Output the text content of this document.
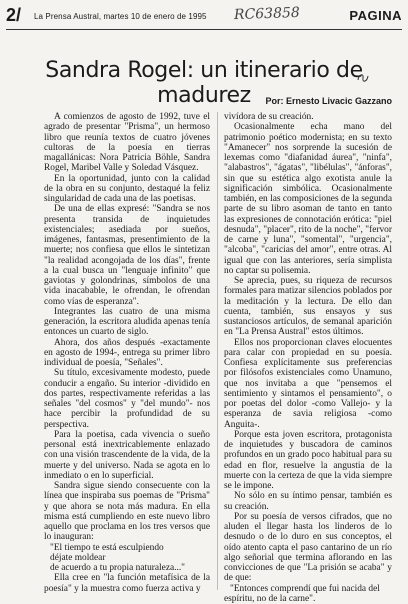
2/ La Prensa Austral, martes 10 de enero de 1995 RC63858	PAGINA
Sandra Rogel: un itinerario de madurez	Por: Ernesto Livacic Gazzano

A comienzos de agosto de 1992, tuve el agrado de presentar "Prisma", un hermoso libro que reunía textos de cuatro jóvenes cultoras de la poesía en tierras magallánicas: Nora Patricia Böhle, Sandra Rogel, Maribel Valle y Soledad Vásquez.

En la oportunidad, junto con la calidad de la obra en su conjunto, destaqué la feliz singularidad de cada una de las poetisas.

De una de ellas expresé: "Sandra se nos presenta transida de inquietudes existenciales; asediada por sueños, imágenes, fantasmas, presentimiento de la muerte; nos confiesa que ellos le sintetizan "la realidad acongojada de los días", frente a la cual busca un "lenguaje infinito" que gaviotas y golondrinas, símbolos de una vida inacabable, le ofrendan, le ofrendan como vías de esperanza".

Integrantes las cuatro de una misma generación, la escritora aludida apenas tenía entonces un cuarto de siglo.

Ahora, dos años después -exactamente en agosto de 1994-, entrega su primer libro individual de poesía, "Señales".

Su título, excesivamente modesto, puede conducir a engaño. Su interior -dividido en dos partes, respectivamente referidas a las señales "del cosmos" y "del mundo"- nos hace percibir la profundidad de su perspectiva.

Para la poetisa, cada vivencia o sueño personal está inextricablemente enlazado con una visión trascendente de la vida, de la muerte y del universo. Nada se agota en lo inmediato o en lo superficial.

Sandra sigue siendo consecuente con la línea que inspiraba sus poemas de "Prisma" y que ahora se nota más madura. En ella misma está cumpliendo en este nuevo libro aquello que proclama en los tres versos que lo inauguran:

"El tiempo te está esculpiendo

déjate moldear

de acuerdo a tu propia naturaleza..."

Ella cree en "la función metafísica de la poesía" y la muestra como fuerza activa y

vivídora de su creación.

Ocasionalmente echa mano del patrimonio poético modernista; en su texto "Amanecer" nos sorprende la sucesión de lexemas como "diafanidad áurea", "ninfa", "alabastros", "ágatas", "libélulas", "ánforas", sin que su estética algo exotista anule la significación simbólica. Ocasionalmente también, en las composiciones de la segunda parte de su libro asoman de tanto en tanto las expresiones de connotación erótica: "piel desnuda", "placer", rito de la noche", "fervor de carne y luna", "somental", "urgencia", "alcoba", "caricias del amor", entre otras. Al igual que con las anteriores, sería simplista no captar su polisemia.

Se aprecia, pues, su riqueza de recursos formales para matizar silencios poblados por la meditación y la lectura. De ello dan cuenta, también, sus ensayos y sus sustanciosos artículos, de semanal aparición en "La Prensa Austral" estos últimos.

Ellos nos proporcionan claves elocuentes para calar con propiedad en su poesía. Confiesa explícitamente sus preferencias por filósofos existenciales como Unamuno, que nos invitaba a que "pensemos el sentimiento y sintamos el pensamiento", o por poetas del dolor -como Vallejo- y la esperanza de savia religiosa -como Anguita-.

Porque esta joven escritora, protagonista de inquietudes y buscadora de caminos profundos en un grado poco habitual para su edad en flor, resuelve la angustia de la muerte con la certeza de que la vida siempre se le impone.

No sólo en su íntimo pensar, también es su creación.

Por su poesía de versos cifrados, que no aluden el llegar hasta los linderos de lo desnudo o de lo duro en sus conceptos, el oído atento capta el paso cantarino de un río algo señorial que termina aflorando en las convicciones de que "La prisión se acaba" y de que:

"Entonces comprendí que fui nacida del espíritu, no de la carne".
